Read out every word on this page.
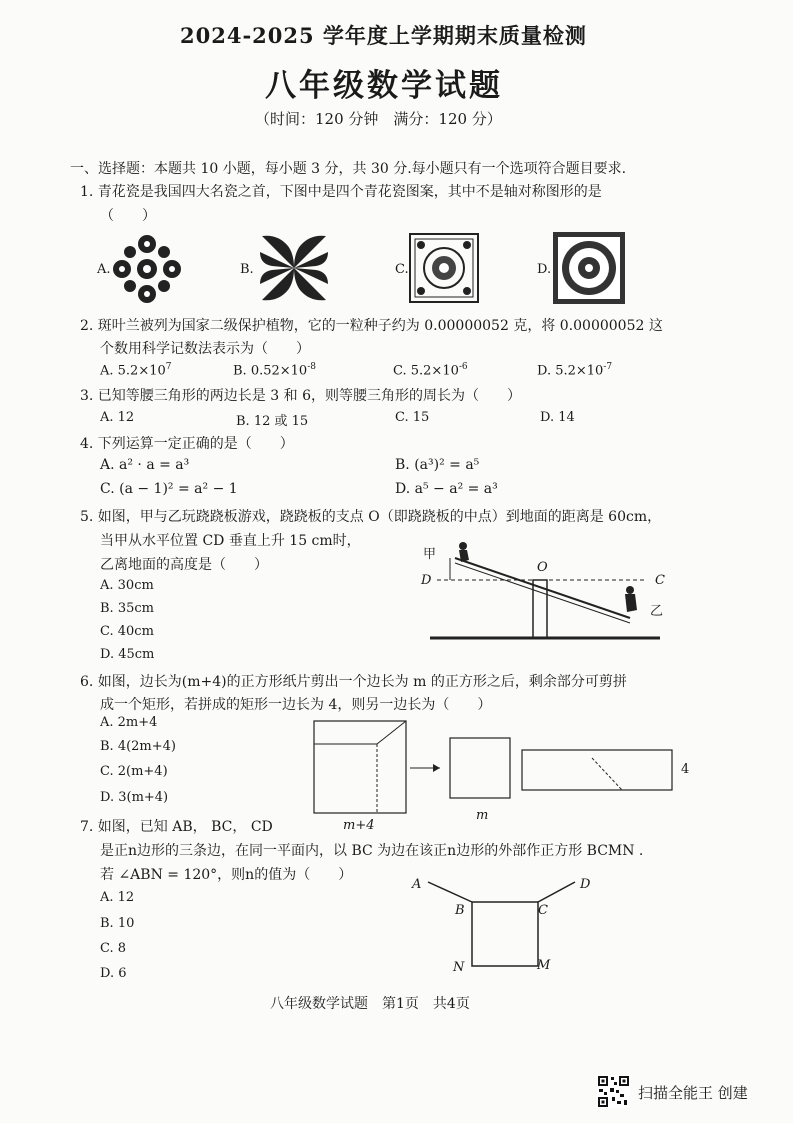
2024-2025 学年度上学期期末质量检测
八年级数学试题
（时间：120 分钟　满分：120 分）
一、选择题：本题共 10 小题，每小题 3 分，共 30 分.每小题只有一个选项符合题目要求.
1. 青花瓷是我国四大名瓷之首，下图中是四个青花瓷图案，其中不是轴对称图形的是
（　　）
A.	B.	C.	D.
2. 斑叶兰被列为国家二级保护植物，它的一粒种子约为 0.00000052 克，将 0.00000052 这
个数用科学记数法表示为（　　）
A. $5.2\times 10^7$	B. $0.52\times 10^{-8}$	C. $5.2\times 10^{-6}$	D. $5.2\times 10^{-7}$
3. 已知等腰三角形的两边长是 3 和 6，则等腰三角形的周长为（　　）
A. 12	B. 12 或 15	C. 15	D. 14
4. 下列运算一定正确的是（　　）
A. a² · a = a³	B. (a³)² = a⁵
C. (a − 1)² = a² − 1	D. a⁵ − a² = a³
5. 如图，甲与乙玩跷跷板游戏，跷跷板的支点 O（即跷跷板的中点）到地面的距离是 60cm，
当甲从水平位置 CD 垂直上升 15 cm时，
乙离地面的高度是（　　）
A. 30cm
B. 35cm
C. 40cm
D. 45cm
甲
O
D	C
乙
6. 如图，边长为(m+4)的正方形纸片剪出一个边长为 m 的正方形之后，剩余部分可剪拼
成一个矩形，若拼成的矩形一边长为 4，则另一边长为（　　）
A. 2m+4
B. 4(2m+4)
C. 2(m+4)
D. 3(m+4)
m+4
m
4
7. 如图，已知 AB， BC， CD
是正n边形的三条边，在同一平面内，以 BC 为边在该正n边形的外部作正方形 BCMN .
若 ∠ABN = 120°，则n的值为（　　）
A. 12
B. 10
C. 8
D. 6
A
B	C
D
N	M
八年级数学试题　第1页　共4页
扫描全能王 创建
